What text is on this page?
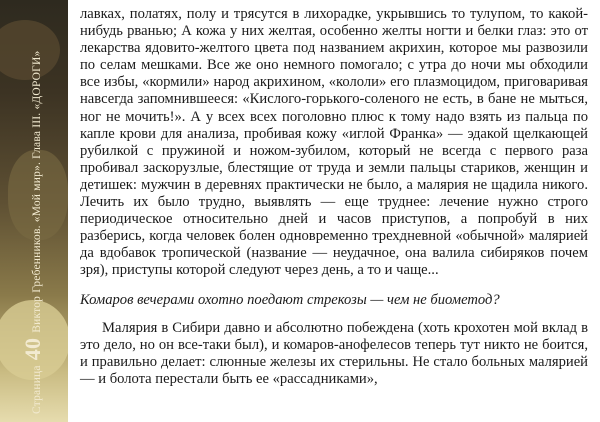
Страница 40 Виктор Гребенников. «Мой мир». Глава III. «ДОРОГИ»

лавках, полатях, полу и трясутся в лихорадке, укрывшись то тулупом, то какой-нибудь рванью; А кожа у них желтая, особенно желты ногти и белки глаз: это от лекарства ядовито-желтого цвета под названием акрихин, которое мы развозили по селам мешками. Все же оно немного помогало; с утра до ночи мы обходили все избы, «кормили» народ акрихином, «кололи» его плазмоцидом, приговаривая навсегда запомнившееся: «Кислого-горького-соленого не есть, в бане не мыться, ног не мочить!». А у всех всех поголовно плюс к тому надо взять из пальца по капле крови для анализа, пробивая кожу «иглой Франка» — эдакой щелкающей рубилкой с пружиной и ножом-зубилом, который не всегда с первого раза пробивал заскорузлые, блестящие от труда и земли пальцы стариков, женщин и детишек: мужчин в деревнях практически не было, а малярия не щадила никого. Лечить их было трудно, выявлять — еще труднее: лечение нужно строго периодическое относительно дней и часов приступов, а попробуй в них разберись, когда человек болен одновременно трехдневной «обычной» малярией да вдобавок тропической (название — неудачное, она валила сибиряков почем зря), приступы которой следуют через день, а то и чаще...

Комаров вечерами охотно поедают стрекозы — чем не биометод?

Малярия в Сибири давно и абсолютно побеждена (хоть крохотен мой вклад в это дело, но он все-таки был), и комаров-анофелесов теперь тут никто не боится, и правильно делает: слюнные железы их стерильны. Не стало больных малярией — и болота перестали быть ее «рассадниками»,
